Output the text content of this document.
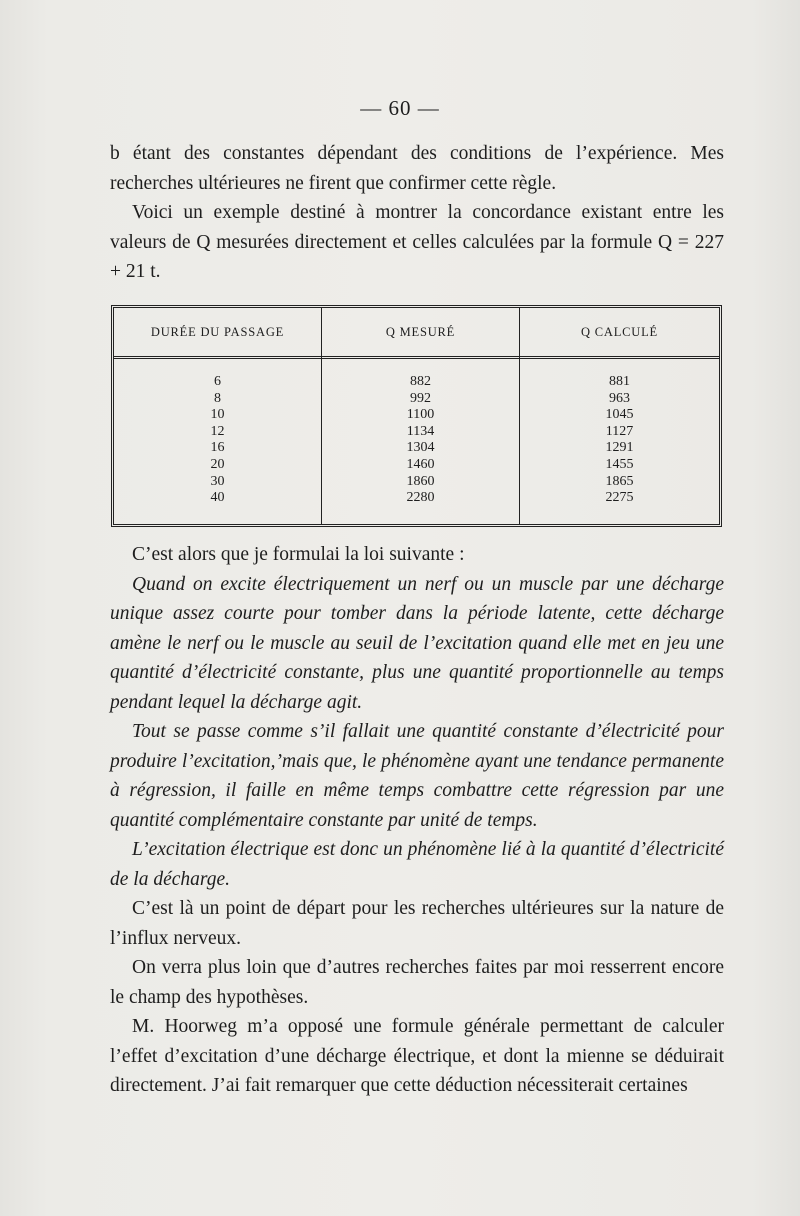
— 60 —

b étant des constantes dépendant des conditions de l’expérience. Mes recherches ultérieures ne firent que confirmer cette règle.

Voici un exemple destiné à montrer la concordance existant entre les valeurs de Q mesurées directement et celles calculées par la formule Q = 227 + 21 t.

DURÉE DU PASSAGE
6
8
10
12
16
20
30
40
Q MESURÉ
882
992
1100
1134
1304
1460
1860
2280
Q CALCULÉ
881
963
1045
1127
1291
1455
1865
2275

C’est alors que je formulai la loi suivante :

Quand on excite électriquement un nerf ou un muscle par une décharge unique assez courte pour tomber dans la période latente, cette décharge amène le nerf ou le muscle au seuil de l’excitation quand elle met en jeu une quantité d’électricité constante, plus une quantité proportionnelle au temps pendant lequel la décharge agit.

Tout se passe comme s’il fallait une quantité constante d’électricité pour produire l’excitation,’mais que, le phénomène ayant une tendance permanente à régression, il faille en même temps combattre cette régression par une quantité complémentaire constante par unité de temps.

L’excitation électrique est donc un phénomène lié à la quantité d’électricité de la décharge.

C’est là un point de départ pour les recherches ultérieures sur la nature de l’influx nerveux.

On verra plus loin que d’autres recherches faites par moi resserrent encore le champ des hypothèses.

M. Hoorweg m’a opposé une formule générale permettant de calculer l’effet d’excitation d’une décharge électrique, et dont la mienne se déduirait directement. J’ai fait remarquer que cette déduction nécessiterait certaines
